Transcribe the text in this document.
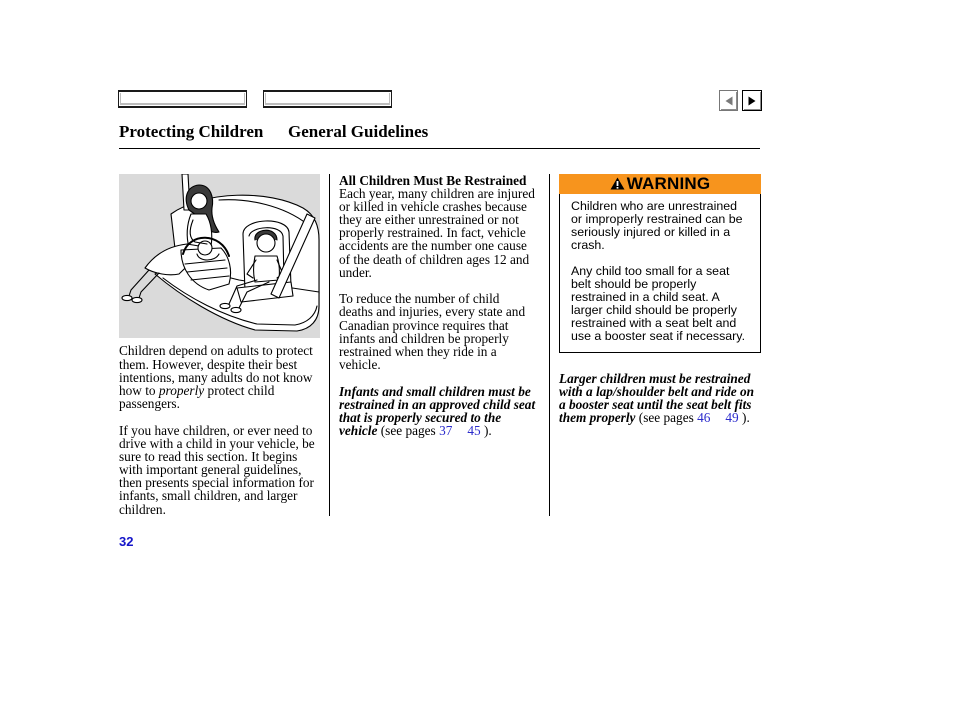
Protecting Children General Guidelines
Children depend on adults to protect
them. However, despite their best
intentions, many adults do not know
how to properly protect child
passengers.
If you have children, or ever need to
drive with a child in your vehicle, be
sure to read this section. It begins
with important general guidelines,
then presents special information for
infants, small children, and larger
children.
All Children Must Be Restrained
Each year, many children are injured
or killed in vehicle crashes because
they are either unrestrained or not
properly restrained. In fact, vehicle
accidents are the number one cause
of the death of children ages 12 and
under.
To reduce the number of child
deaths and injuries, every state and
Canadian province requires that
infants and children be properly
restrained when they ride in a
vehicle.
Infants and small children must be
restrained in an approved child seat
that is properly secured to the
vehicle (see pages 37 45 ).
WARNING
Children who are unrestrained
or improperly restrained can be
seriously injured or killed in a
crash.
Any child too small for a seat
belt should be properly
restrained in a child seat. A
larger child should be properly
restrained with a seat belt and
use a booster seat if necessary.
Larger children must be restrained
with a lap/shoulder belt and ride on
a booster seat until the seat belt fits
them properly (see pages 46 49 ).
32
